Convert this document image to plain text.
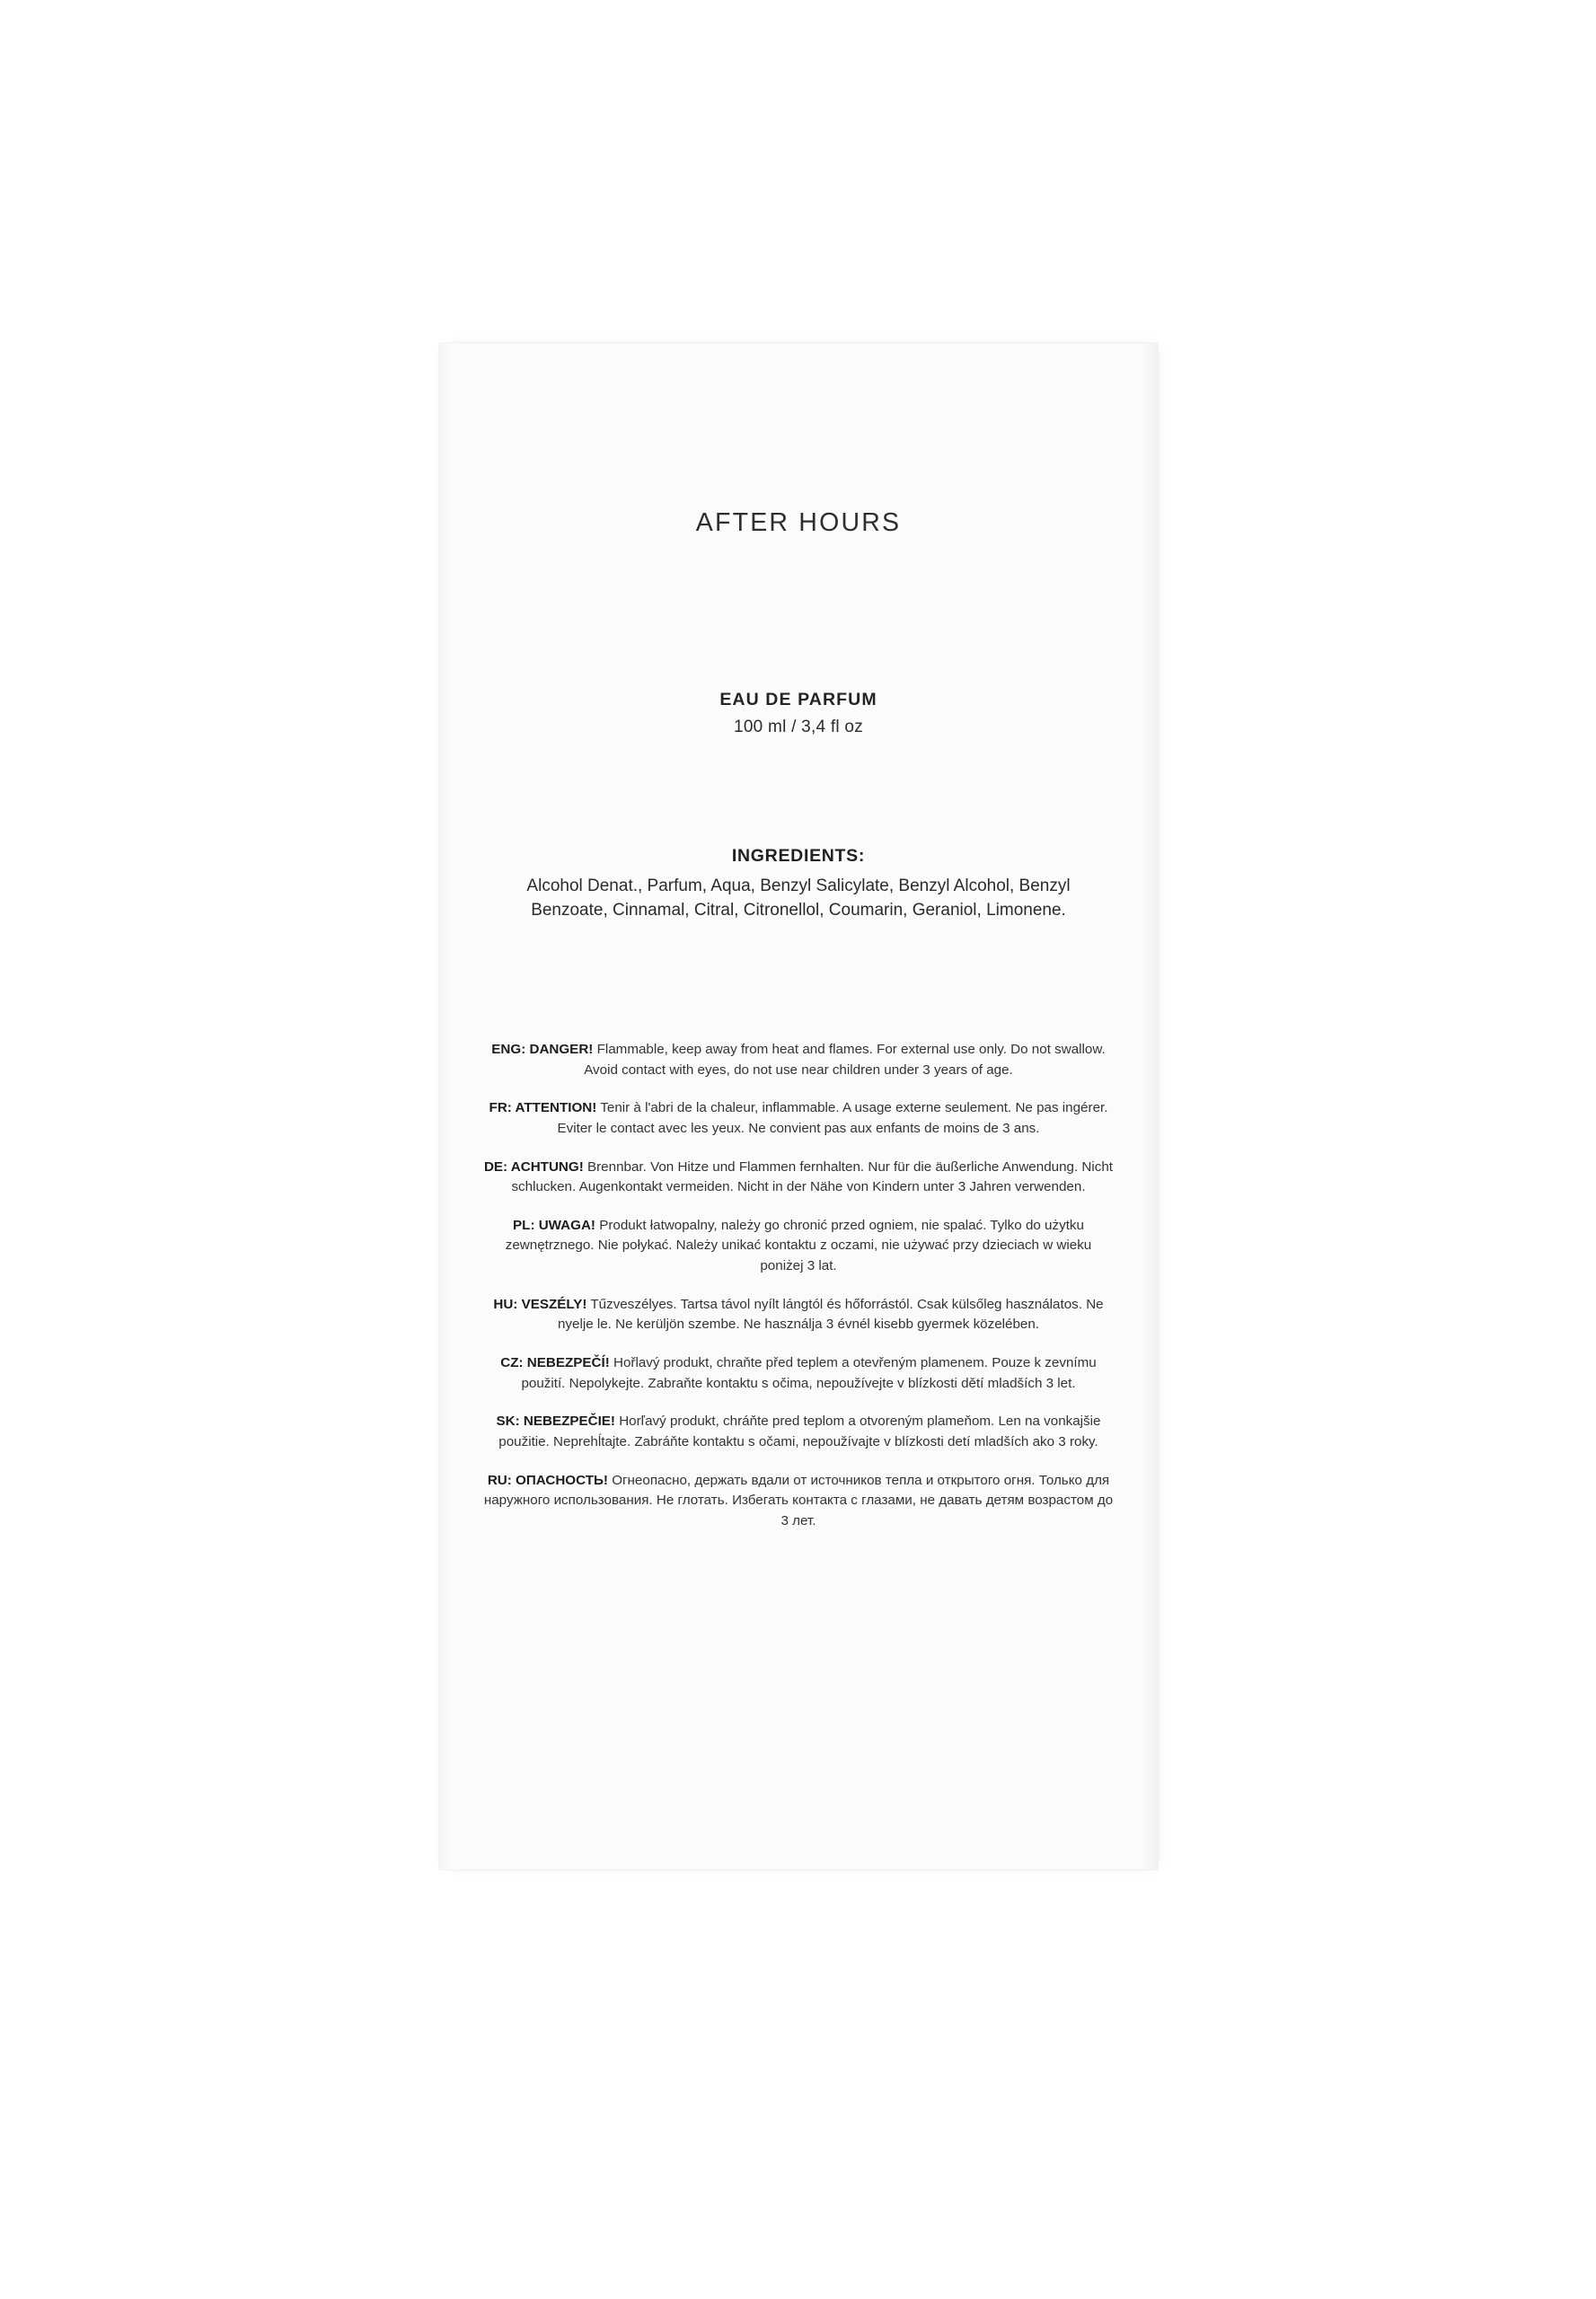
AFTER HOURS
EAU DE PARFUM
100 ml / 3,4 fl oz
INGREDIENTS:
Alcohol Denat., Parfum, Aqua, Benzyl Salicylate, Benzyl Alcohol, Benzyl Benzoate, Cinnamal, Citral, Citronellol, Coumarin, Geraniol, Limonene.
ENG: DANGER! Flammable, keep away from heat and flames. For external use only. Do not swallow. Avoid contact with eyes, do not use near children under 3 years of age.
FR: ATTENTION! Tenir à l'abri de la chaleur, inflammable. A usage externe seulement. Ne pas ingérer. Eviter le contact avec les yeux. Ne convient pas aux enfants de moins de 3 ans.
DE: ACHTUNG! Brennbar. Von Hitze und Flammen fernhalten. Nur für die äußerliche Anwendung. Nicht schlucken. Augenkontakt vermeiden. Nicht in der Nähe von Kindern unter 3 Jahren verwenden.
PL: UWAGA! Produkt łatwopalny, należy go chronić przed ogniem, nie spalać. Tylko do użytku zewnętrznego. Nie połykać. Należy unikać kontaktu z oczami, nie używać przy dzieciach w wieku poniżej 3 lat.
HU: VESZÉLY! Tűzveszélyes. Tartsa távol nyílt lángtól és hőforrástól. Csak külsőleg használatos. Ne nyelje le. Ne kerüljön szembe. Ne használja 3 évnél kisebb gyermek közelében.
CZ: NEBEZPEČÍ! Hořlavý produkt, chraňte před teplem a otevřeným plamenem. Pouze k zevnímu použití. Nepolykejte. Zabraňte kontaktu s očima, nepoužívejte v blízkosti dětí mladších 3 let.
SK: NEBEZPEČIE! Horľavý produkt, chráňte pred teplom a otvoreným plameňom. Len na vonkajšie použitie. Neprehĺtajte. Zabráňte kontaktu s očami, nepoužívajte v blízkosti detí mladších ako 3 roky.
RU: ОПАСНОСТЬ! Огнеопасно, держать вдали от источников тепла и открытого огня. Только для наружного использования. Не глотать. Избегать контакта с глазами, не давать детям возрастом до 3 лет.
